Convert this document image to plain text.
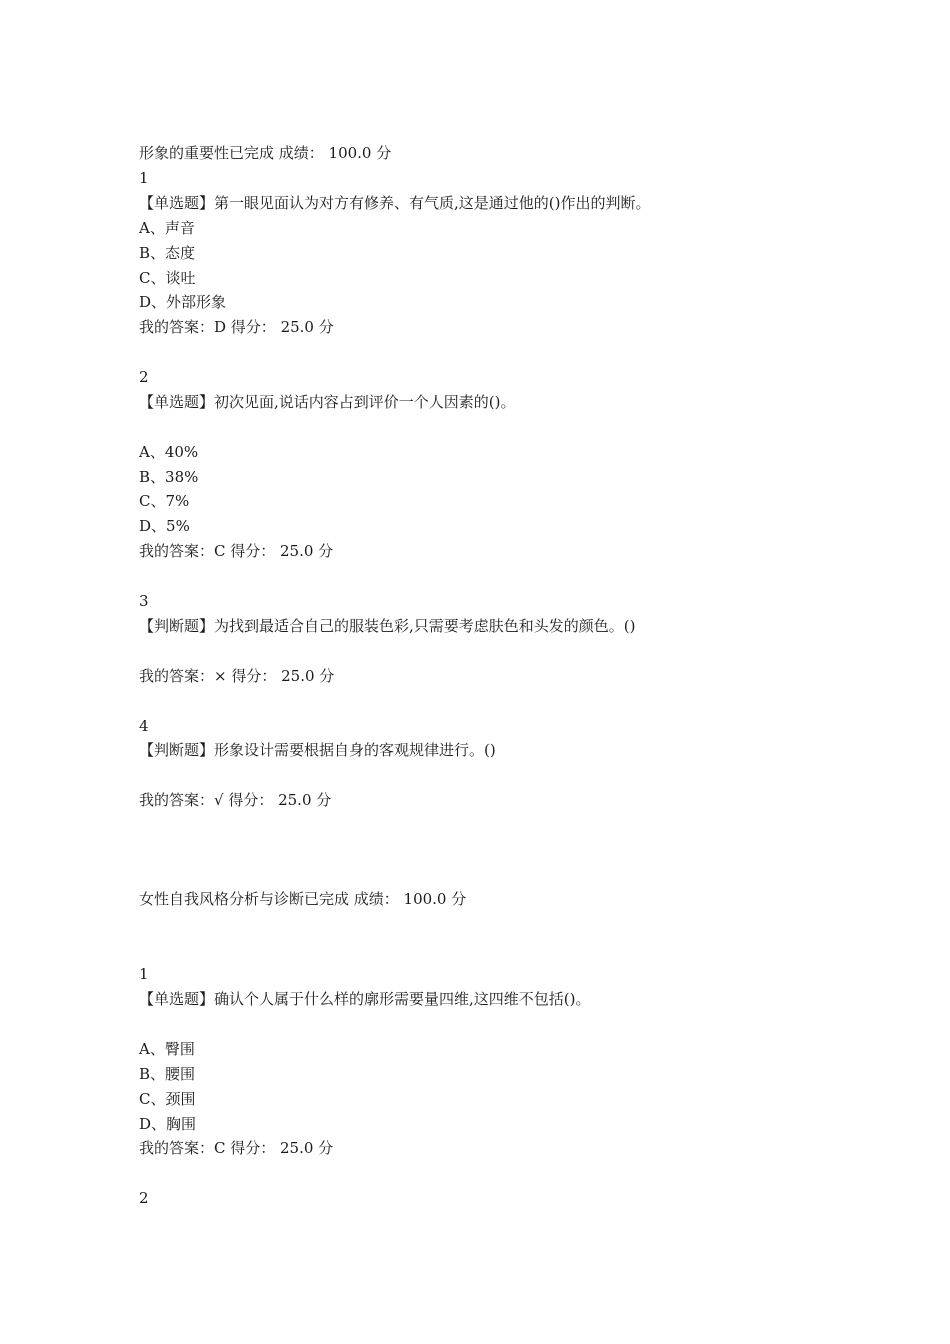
形象的重要性已完成 成绩： 100.0 分
1
【单选题】第一眼见面认为对方有修养、有气质,这是通过他的()作出的判断。
A、声音
B、态度
C、谈吐
D、外部形象
我的答案：D 得分： 25.0 分
2
【单选题】初次见面,说话内容占到评价一个人因素的()。
A、40%
B、38%
C、7%
D、5%
我的答案：C 得分： 25.0 分
3
【判断题】为找到最适合自己的服装色彩,只需要考虑肤色和头发的颜色。()
我的答案：× 得分： 25.0 分
4
【判断题】形象设计需要根据自身的客观规律进行。()
我的答案：√ 得分： 25.0 分
女性自我风格分析与诊断已完成 成绩： 100.0 分
1
【单选题】确认个人属于什么样的廓形需要量四维,这四维不包括()。
A、臀围
B、腰围
C、颈围
D、胸围
我的答案：C 得分： 25.0 分
2
